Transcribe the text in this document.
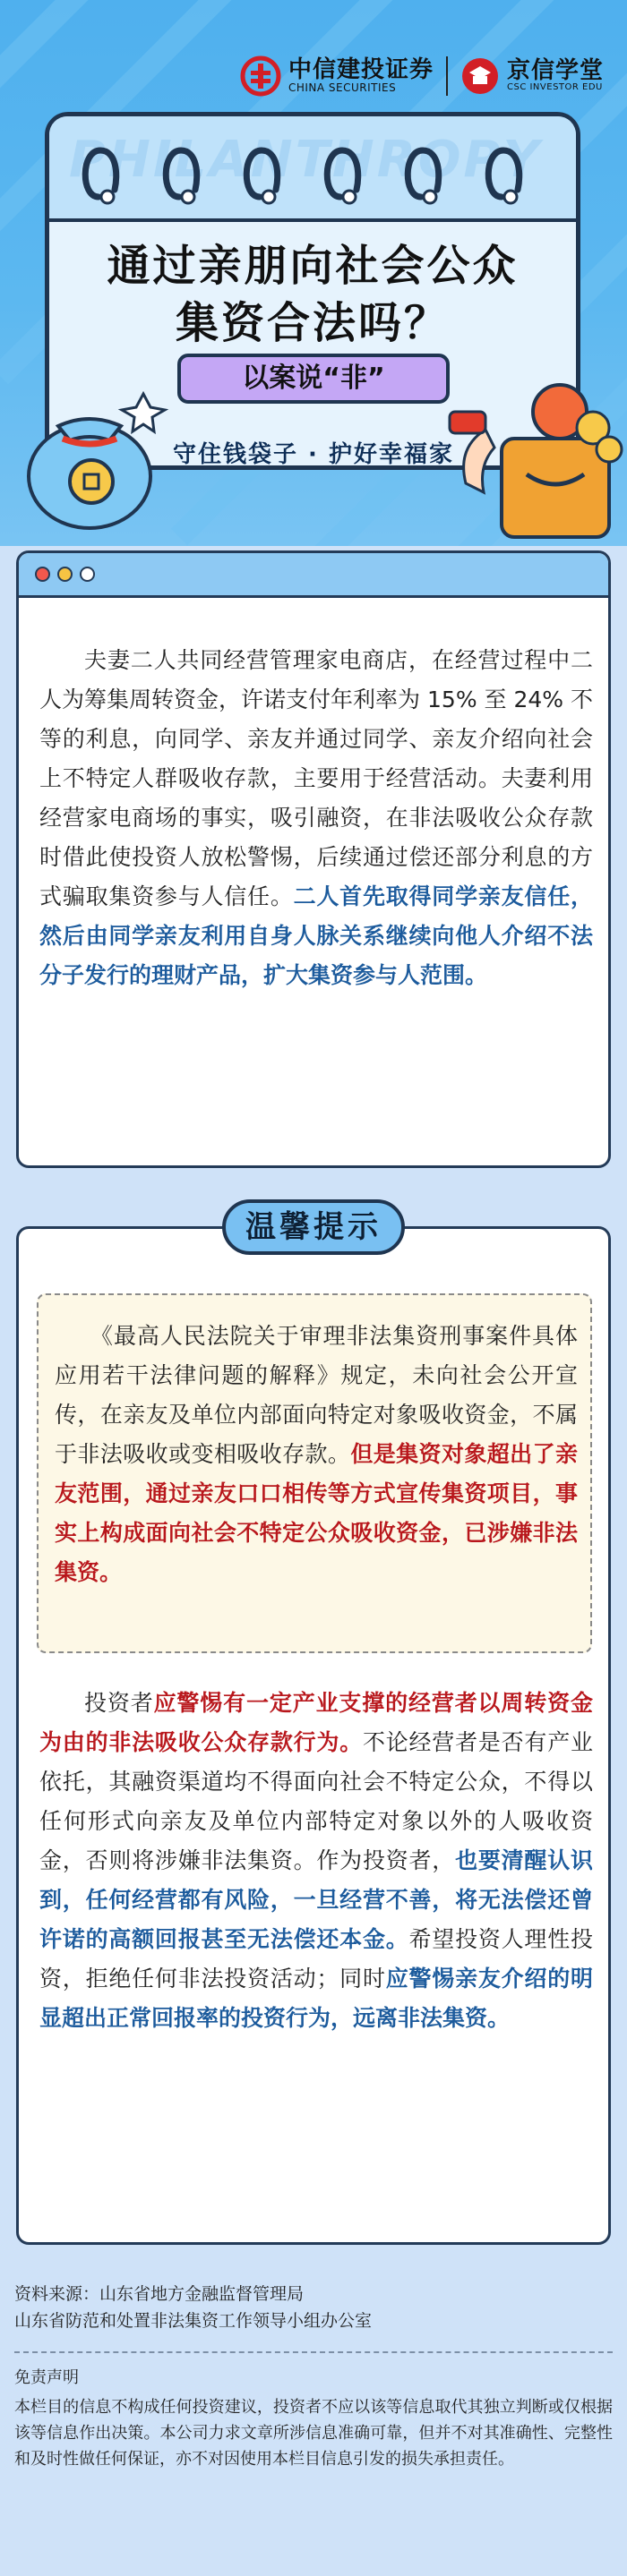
中信建投证券
CHINA SECURITIES
京信学堂
CSC INVESTOR EDU
PHILANTHROPY
通过亲朋向社会公众
集资合法吗？
以案说“非”
守住钱袋子 · 护好幸福家

夫妻二人共同经营管理家电商店，在经营过程中二人为筹集周转资金，许诺支付年利率为 15% 至 24% 不等的利息，向同学、亲友并通过同学、亲友介绍向社会上不特定人群吸收存款，主要用于经营活动。夫妻利用经营家电商场的事实，吸引融资，在非法吸收公众存款时借此使投资人放松警惕，后续通过偿还部分利息的方式骗取集资参与人信任。二人首先取得同学亲友信任，然后由同学亲友利用自身人脉关系继续向他人介绍不法分子发行的理财产品，扩大集资参与人范围。

温馨提示

《最高人民法院关于审理非法集资刑事案件具体应用若干法律问题的解释》规定，未向社会公开宣传，在亲友及单位内部面向特定对象吸收资金，不属于非法吸收或变相吸收存款。但是集资对象超出了亲友范围，通过亲友口口相传等方式宣传集资项目，事实上构成面向社会不特定公众吸收资金，已涉嫌非法集资。

投资者应警惕有一定产业支撑的经营者以周转资金为由的非法吸收公众存款行为。不论经营者是否有产业依托，其融资渠道均不得面向社会不特定公众，不得以任何形式向亲友及单位内部特定对象以外的人吸收资金，否则将涉嫌非法集资。作为投资者，也要清醒认识到，任何经营都有风险，一旦经营不善，将无法偿还曾许诺的高额回报甚至无法偿还本金。希望投资人理性投资，拒绝任何非法投资活动；同时应警惕亲友介绍的明显超出正常回报率的投资行为，远离非法集资。

资料来源：山东省地方金融监督管理局
山东省防范和处置非法集资工作领导小组办公室
免责声明
本栏目的信息不构成任何投资建议，投资者不应以该等信息取代其独立判断或仅根据该等信息作出决策。本公司力求文章所涉信息准确可靠，但并不对其准确性、完整性和及时性做任何保证，亦不对因使用本栏目信息引发的损失承担责任。
